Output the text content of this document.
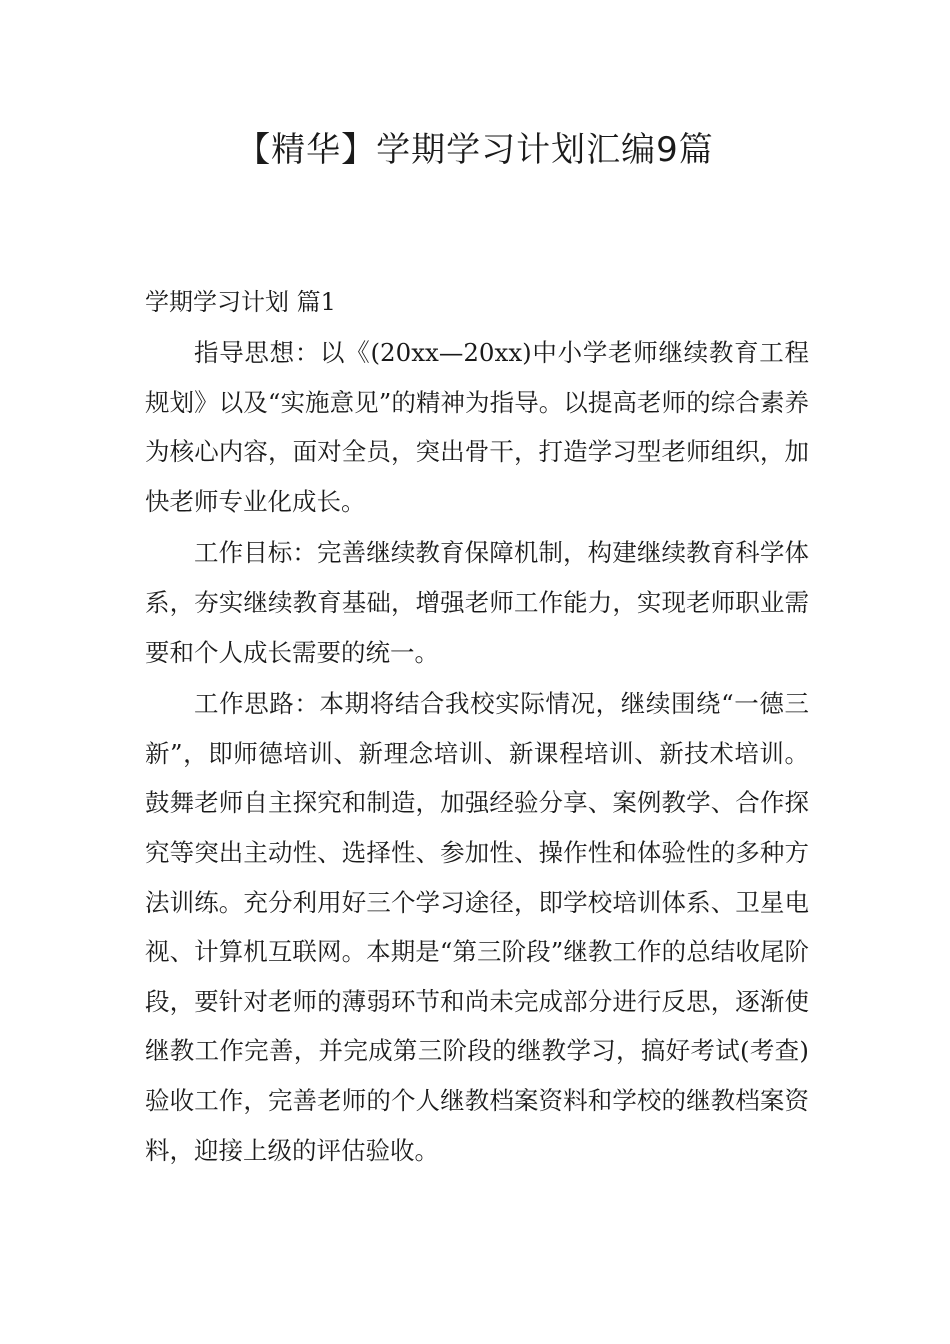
【精华】学期学习计划汇编9篇

学期学习计划 篇1

指导思想：以《(20xx—20xx)中小学老师继续教育工程规划》以及“实施意见”的精神为指导。以提高老师的综合素养为核心内容，面对全员，突出骨干，打造学习型老师组织，加快老师专业化成长。

工作目标：完善继续教育保障机制，构建继续教育科学体系，夯实继续教育基础，增强老师工作能力，实现老师职业需要和个人成长需要的统一。

工作思路：本期将结合我校实际情况，继续围绕“一德三新”，即师德培训、新理念培训、新课程培训、新技术培训。鼓舞老师自主探究和制造，加强经验分享、案例教学、合作探究等突出主动性、选择性、参加性、操作性和体验性的多种方法训练。充分利用好三个学习途径，即学校培训体系、卫星电视、计算机互联网。本期是“第三阶段”继教工作的总结收尾阶段，要针对老师的薄弱环节和尚未完成部分进行反思，逐渐使继教工作完善，并完成第三阶段的继教学习，搞好考试(考查)验收工作，完善老师的个人继教档案资料和学校的继教档案资料，迎接上级的评估验收。
